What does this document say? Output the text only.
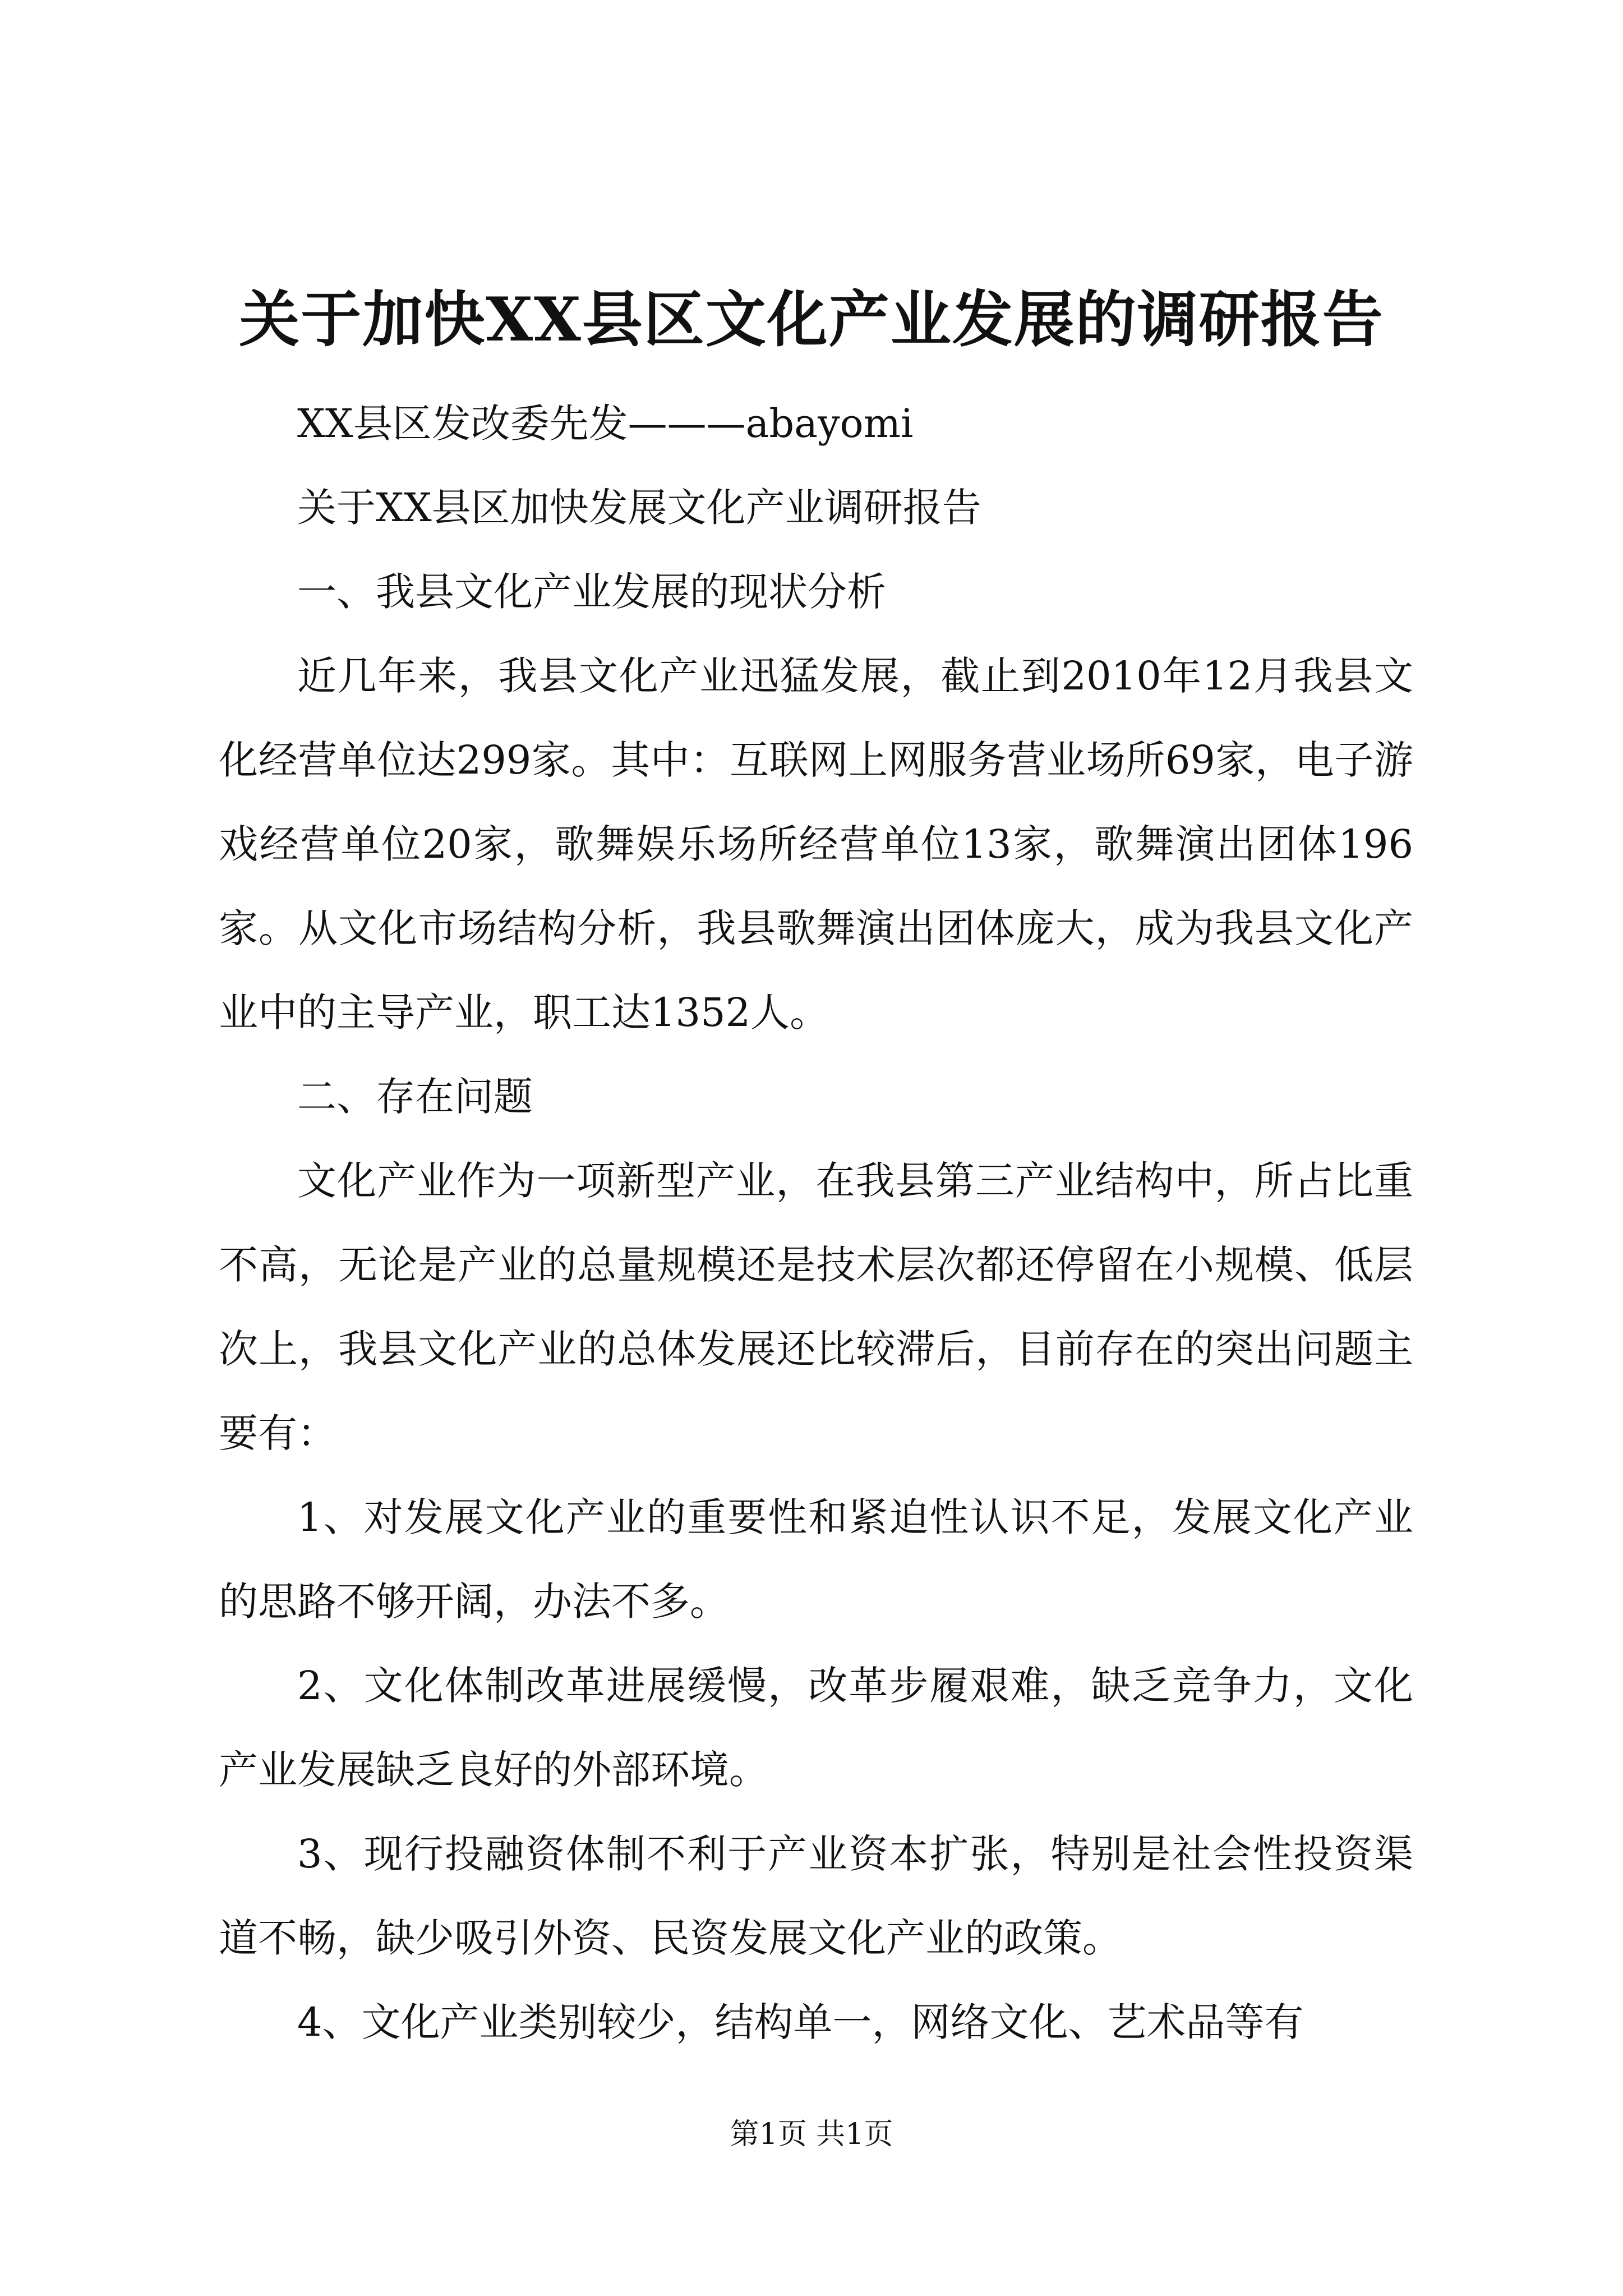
关于加快XX县区文化产业发展的调研报告

XX县区发改委先发———abayomi

关于XX县区加快发展文化产业调研报告

一、我县文化产业发展的现状分析

近几年来，我县文化产业迅猛发展，截止到2010年12月我县文化经营单位达299家。其中：互联网上网服务营业场所69家，电子游戏经营单位20家，歌舞娱乐场所经营单位13家，歌舞演出团体196家。从文化市场结构分析，我县歌舞演出团体庞大，成为我县文化产业中的主导产业，职工达1352人。

二、存在问题

文化产业作为一项新型产业，在我县第三产业结构中，所占比重不高，无论是产业的总量规模还是技术层次都还停留在小规模、低层次上，我县文化产业的总体发展还比较滞后，目前存在的突出问题主要有：

1、对发展文化产业的重要性和紧迫性认识不足，发展文化产业的思路不够开阔，办法不多。

2、文化体制改革进展缓慢，改革步履艰难，缺乏竞争力，文化产业发展缺乏良好的外部环境。

3、现行投融资体制不利于产业资本扩张，特别是社会性投资渠道不畅，缺少吸引外资、民资发展文化产业的政策。

4、文化产业类别较少，结构单一，网络文化、艺术品等有

第1页 共1页
